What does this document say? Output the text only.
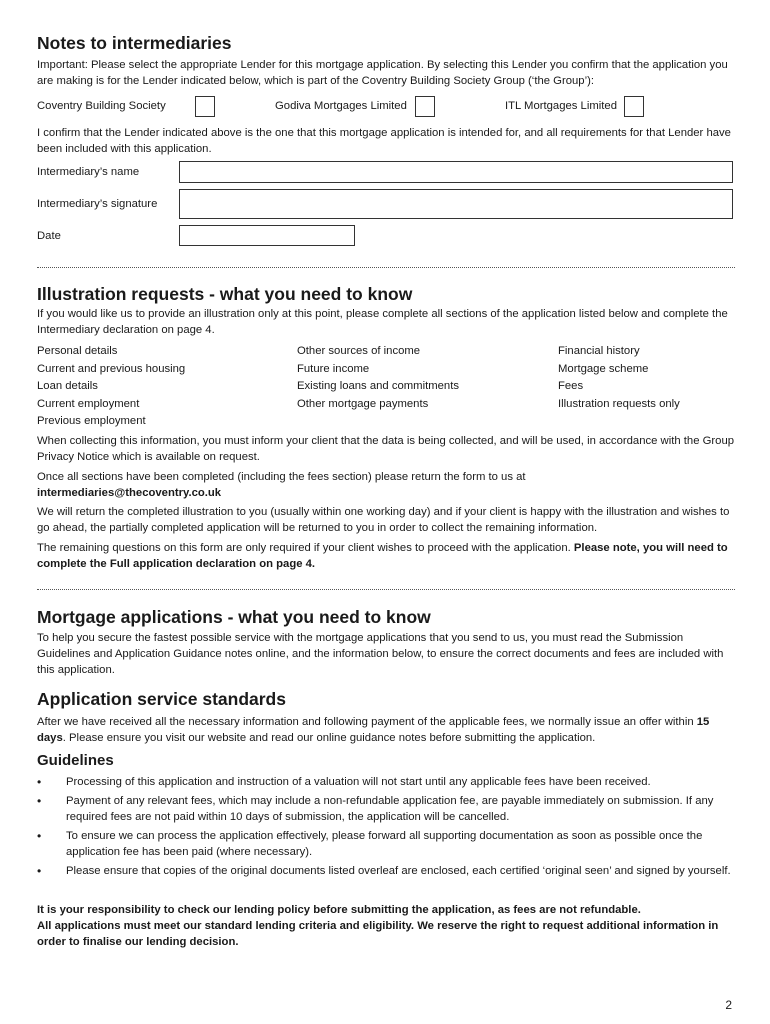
Notes to intermediaries

Important: Please select the appropriate Lender for this mortgage application. By selecting this Lender you confirm that the application you are making is for the Lender indicated below, which is part of the Coventry Building Society Group (‘the Group’):

Coventry Building Society	Godiva Mortgages Limited	ITL Mortgages Limited

I confirm that the Lender indicated above is the one that this mortgage application is intended for, and all requirements for that Lender have been included with this application.

Intermediary’s name
Intermediary’s signature
Date
Illustration requests - what you need to know

If you would like us to provide an illustration only at this point, please complete all sections of the application listed below and complete the Intermediary declaration on page 4.

Personal details
Current and previous housing
Loan details
Current employment
Previous employment
Other sources of income
Future income
Existing loans and commitments
Other mortgage payments
Financial history
Mortgage scheme
Fees
Illustration requests only

When collecting this information, you must inform your client that the data is being collected, and will be used, in accordance with the Group Privacy Notice which is available on request.

Once all sections have been completed (including the fees section) please return the form to us at
intermediaries@thecoventry.co.uk

We will return the completed illustration to you (usually within one working day) and if your client is happy with the illustration and wishes to go ahead, the partially completed application will be returned to you in order to collect the remaining information.

The remaining questions on this form are only required if your client wishes to proceed with the application. Please note, you will need to complete the Full application declaration on page 4.

Mortgage applications - what you need to know

To help you secure the fastest possible service with the mortgage applications that you send to us, you must read the Submission Guidelines and Application Guidance notes online, and the information below, to ensure the correct documents and fees are included with this application.

Application service standards

After we have received all the necessary information and following payment of the applicable fees, we normally issue an offer within 15 days. Please ensure you visit our website and read our online guidance notes before submitting the application.

Guidelines
• Processing of this application and instruction of a valuation will not start until any applicable fees have been received.
• Payment of any relevant fees, which may include a non-refundable application fee, are payable immediately on submission. If any required fees are not paid within 10 days of submission, the application will be cancelled.
• To ensure we can process the application effectively, please forward all supporting documentation as soon as possible once the application fee has been paid (where necessary).
• Please ensure that copies of the original documents listed overleaf are enclosed, each certified ‘original seen’ and signed by yourself.

It is your responsibility to check our lending policy before submitting the application, as fees are not refundable.

All applications must meet our standard lending criteria and eligibility. We reserve the right to request additional information in order to finalise our lending decision.

2
